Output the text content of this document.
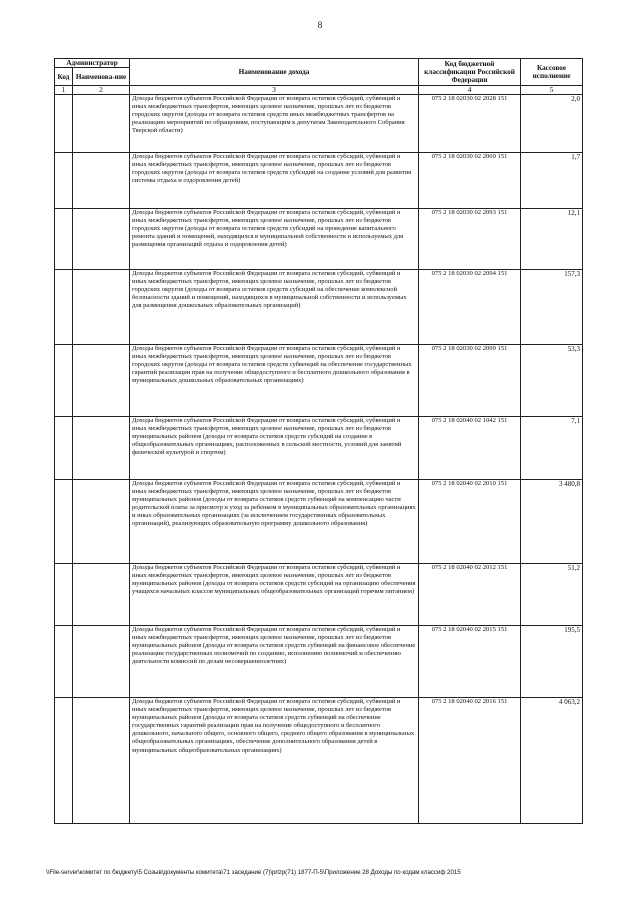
8
Администратор		Наименование дохода	Код бюджетной классификации Российской Федерации	Кассовое исполнение
Код	Наименова-ние			
1	2	3	4	5
		Доходы бюджетов субъектов Российской Федерации от возврата остатков субсидий, субвенций и иных межбюджетных трансфертов, имеющих целевое назначение, прошлых лет из бюджетов городских округов (доходы от возврата остатков средств иных межбюджетных трансфертов на реализацию мероприятий по обращениям, поступающим к депутатам Законодательного Собрания Тверской области)	075 2 18 02030 02 2028 151	2,0
		Доходы бюджетов субъектов Российской Федерации от возврата остатков субсидий, субвенций и иных межбюджетных трансфертов, имеющих целевое назначение, прошлых лет из бюджетов городских округов (доходы от возврата остатков средств субсидий на создание условий для развития системы отдыха и оздоровления детей)	075 2 18 02030 02 2069 151	1,7
		Доходы бюджетов субъектов Российской Федерации от возврата остатков субсидий, субвенций и иных межбюджетных трансфертов, имеющих целевое назначение, прошлых лет из бюджетов городских округов (доходы от возврата остатков средств субсидий на проведение капитального ремонта зданий и помещений, находящихся в муниципальной собственности и используемых для размещения организаций отдыха и оздоровления детей)	075 2 18 02030 02 2093 151	12,1
		Доходы бюджетов субъектов Российской Федерации от возврата остатков субсидий, субвенций и иных межбюджетных трансфертов, имеющих целевое назначение, прошлых лет из бюджетов городских округов (доходы от возврата остатков средств субсидий на обеспечение комплексной безопасности зданий и помещений, находящихся в муниципальной собственности и используемых для размещения дошкольных образовательных организаций)	075 2 18 02030 02 2094 151	157,3
		Доходы бюджетов субъектов Российской Федерации от возврата остатков субсидий, субвенций и иных межбюджетных трансфертов, имеющих целевое назначение, прошлых лет из бюджетов городских округов (доходы от возврата остатков средств субвенций на обеспечение государственных гарантий реализации прав на получение общедоступного и бесплатного дошкольного образования в муниципальных дошкольных образовательных организациях)	075 2 18 02030 02 2099 151	53,3
		Доходы бюджетов субъектов Российской Федерации от возврата остатков субсидий, субвенций и иных межбюджетных трансфертов, имеющих целевое назначение, прошлых лет из бюджетов муниципальных районов (доходы от возврата остатков средств субсидий на создание в общеобразовательных организациях, расположенных в сельской местности, условий для занятий физической культурой и спортом)	075 2 18 02040 02 1042 151	7,1
		Доходы бюджетов субъектов Российской Федерации от возврата остатков субсидий, субвенций и иных межбюджетных трансфертов, имеющих целевое назначение, прошлых лет из бюджетов муниципальных районов (доходы от возврата остатков средств субвенций на компенсацию части родительской платы за присмотр и уход за ребенком в муниципальных образовательных организациях и иных образовательных организациях (за исключением государственных образовательных организаций), реализующих образовательную программу дошкольного образования)	075 2 18 02040 02 2010 151	3 480,8
		Доходы бюджетов субъектов Российской Федерации от возврата остатков субсидий, субвенций и иных межбюджетных трансфертов, имеющих целевое назначение, прошлых лет из бюджетов муниципальных районов (доходы от возврата остатков средств субсидий на организацию обеспечения учащихся начальных классов муниципальных общеобразовательных организаций горячим питанием)	075 2 18 02040 02 2012 151	51,2
		Доходы бюджетов субъектов Российской Федерации от возврата остатков субсидий, субвенций и иных межбюджетных трансфертов, имеющих целевое назначение, прошлых лет из бюджетов муниципальных районов (доходы от возврата остатков средств субвенций на финансовое обеспечение реализации государственных полномочий по созданию, исполнению полномочий и обеспечению деятельности комиссий по делам несовершеннолетних)	075 2 18 02040 02 2015 151	195,5
		Доходы бюджетов субъектов Российской Федерации от возврата остатков субсидий, субвенций и иных межбюджетных трансфертов, имеющих целевое назначение, прошлых лет из бюджетов муниципальных районов (доходы от возврата остатков средств субвенций на обеспечение государственных гарантий реализации прав на получение общедоступного и бесплатного дошкольного, начального общего, основного общего, среднего общего образования в муниципальных общеобразовательных организациях, обеспечение дополнительного образования детей в муниципальных общеобразовательных организациях)	075 2 18 02040 02 2016 151	4 063,2
\\File-server\комитет по бюджету\5 Созыв\документы комитета\71 заседание (7)\prlzp(71) 1877-П-5\Приложение 28 Доходы по кодам классиф 2015
